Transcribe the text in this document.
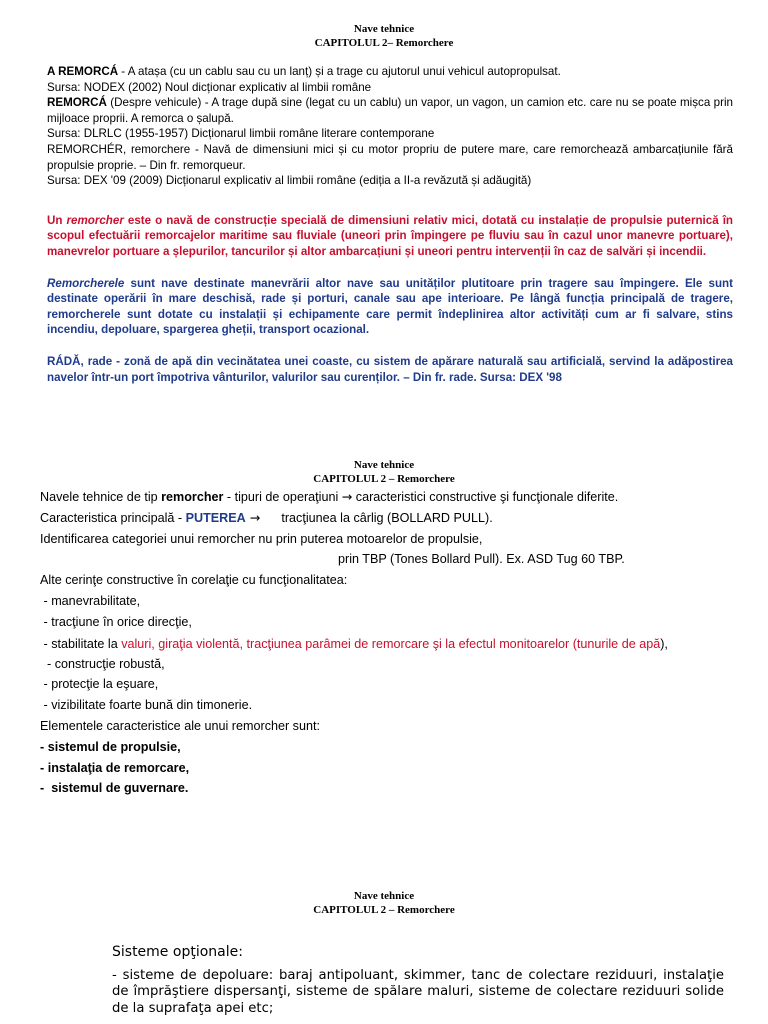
Nave tehnice
CAPITOLUL 2– Remorchere

A REMORCÁ - A atașa (cu un cablu sau cu un lanț) și a trage cu ajutorul unui vehicul autopropulsat.

Sursa: NODEX (2002) Noul dicționar explicativ al limbii române

REMORCÁ (Despre vehicule) - A trage după sine (legat cu un cablu) un vapor, un vagon, un camion etc. care nu se poate mișca prin mijloace proprii. A remorca o șalupă.

Sursa: DLRLC (1955-1957) Dicționarul limbii române literare contemporane

REMORCHÉR, remorchere - Navă de dimensiuni mici și cu motor propriu de putere mare, care remorchează ambarcațiunile fără propulsie proprie. – Din fr. remorqueur.

Sursa: DEX '09 (2009) Dicționarul explicativ al limbii române (ediția a II-a revăzută și adăugită)

Un remorcher este o navă de construcție specială de dimensiuni relativ mici, dotată cu instalație de propulsie puternică în scopul efectuării remorcajelor maritime sau fluviale (uneori prin împingere pe fluviu sau în cazul unor manevre portuare), manevrelor portuare a șlepurilor, tancurilor și altor ambarcațiuni și uneori pentru intervenții în caz de salvări și incendii.

Remorcherele sunt nave destinate manevrării altor nave sau unităților plutitoare prin tragere sau împingere. Ele sunt destinate operării în mare deschisă, rade și porturi, canale sau ape interioare. Pe lângă funcția principală de tragere, remorcherele sunt dotate cu instalații și echipamente care permit îndeplinirea altor activități cum ar fi salvare, stins incendiu, depoluare, spargerea gheții, transport ocazional.

RÁDĂ, rade - zonă de apă din vecinătatea unei coaste, cu sistem de apărare naturală sau artificială, servind la adăpostirea navelor într-un port împotriva vânturilor, valurilor sau curenților. – Din fr. rade. Sursa: DEX '98

Nave tehnice
CAPITOLUL 2 – Remorchere

Navele tehnice de tip remorcher - tipuri de operaţiuni → caracteristici constructive şi funcţionale diferite.

Caracteristica principală - PUTEREA →      tracţiunea la cârlig (BOLLARD PULL).

Identificarea categoriei unui remorcher nu prin puterea motoarelor de propulsie,

prin TBP (Tones Bollard Pull). Ex. ASD Tug 60 TBP.

Alte cerinţe constructive în corelaţie cu funcţionalitatea:

- manevrabilitate,

- tracţiune în orice direcţie,

- stabilitate la valuri, giraţia violentă, tracţiunea parâmei de remorcare şi la efectul monitoarelor (tunurile de apă),

- construcţie robustă,

- protecţie la eşuare,

- vizibilitate foarte bună din timonerie.

Elementele caracteristice ale unui remorcher sunt:

- sistemul de propulsie,

- instalaţia de remorcare,

-  sistemul de guvernare.

Nave tehnice
CAPITOLUL 2 – Remorchere

Sisteme opţionale:

- sisteme de depoluare: baraj antipoluant, skimmer, tanc de colectare reziduuri, instalaţie de împrăştiere dispersanţi, sisteme de spălare maluri, sisteme de colectare reziduuri solide de la suprafaţa apei etc;
